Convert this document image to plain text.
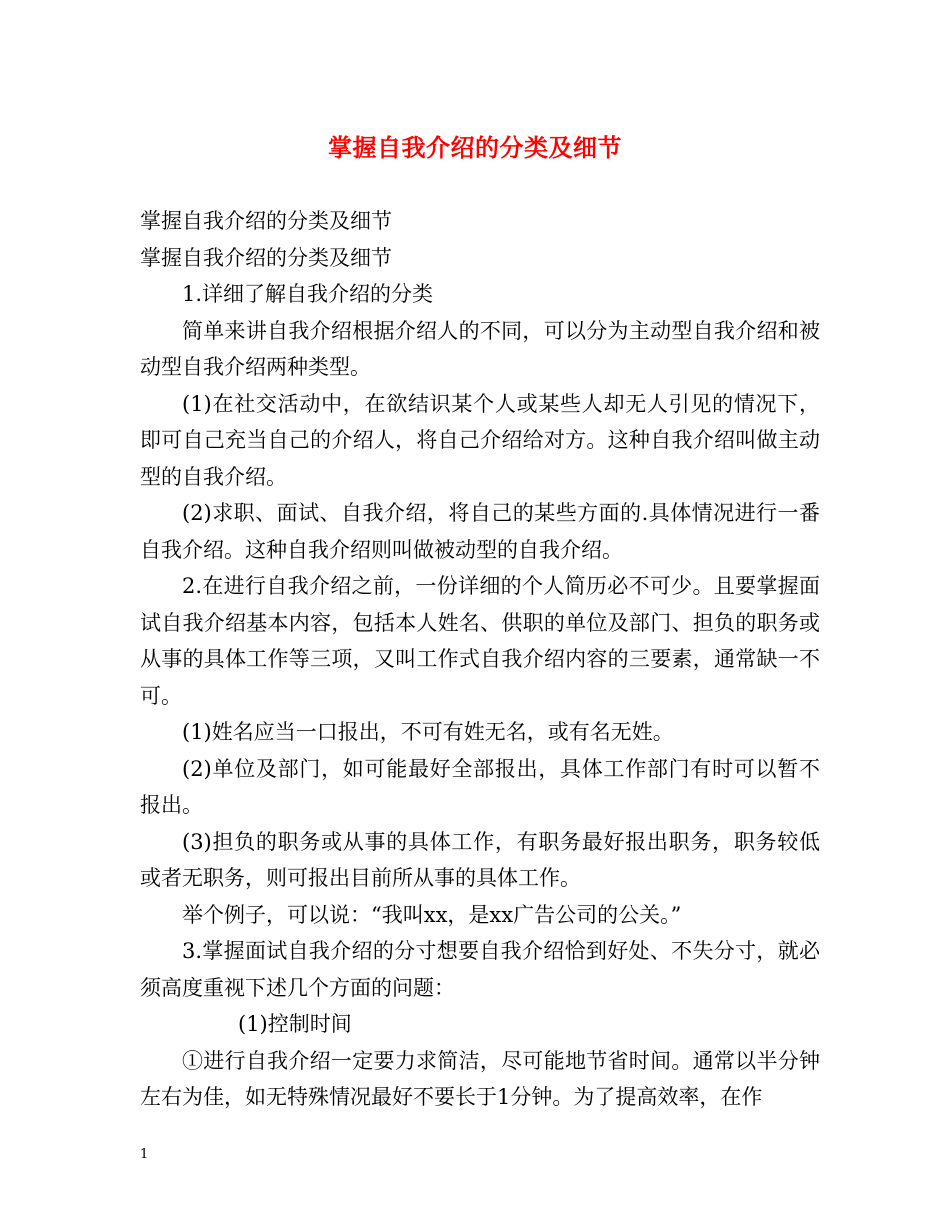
掌握自我介绍的分类及细节

掌握自我介绍的分类及细节

掌握自我介绍的分类及细节

1.详细了解自我介绍的分类

简单来讲自我介绍根据介绍人的不同，可以分为主动型自我介绍和被动型自我介绍两种类型。

(1)在社交活动中，在欲结识某个人或某些人却无人引见的情况下，即可自己充当自己的介绍人，将自己介绍给对方。这种自我介绍叫做主动型的自我介绍。

(2)求职、面试、自我介绍，将自己的某些方面的.具体情况进行一番自我介绍。这种自我介绍则叫做被动型的自我介绍。

2.在进行自我介绍之前，一份详细的个人简历必不可少。且要掌握面试自我介绍基本内容，包括本人姓名、供职的单位及部门、担负的职务或从事的具体工作等三项，又叫工作式自我介绍内容的三要素，通常缺一不可。

(1)姓名应当一口报出，不可有姓无名，或有名无姓。

(2)单位及部门，如可能最好全部报出，具体工作部门有时可以暂不报出。

(3)担负的职务或从事的具体工作，有职务最好报出职务，职务较低或者无职务，则可报出目前所从事的具体工作。

举个例子，可以说：“我叫xx，是xx广告公司的公关。”

3.掌握面试自我介绍的分寸想要自我介绍恰到好处、不失分寸，就必须高度重视下述几个方面的问题：

(1)控制时间

①进行自我介绍一定要力求简洁，尽可能地节省时间。通常以半分钟左右为佳，如无特殊情况最好不要长于1分钟。为了提高效率，在作

1
